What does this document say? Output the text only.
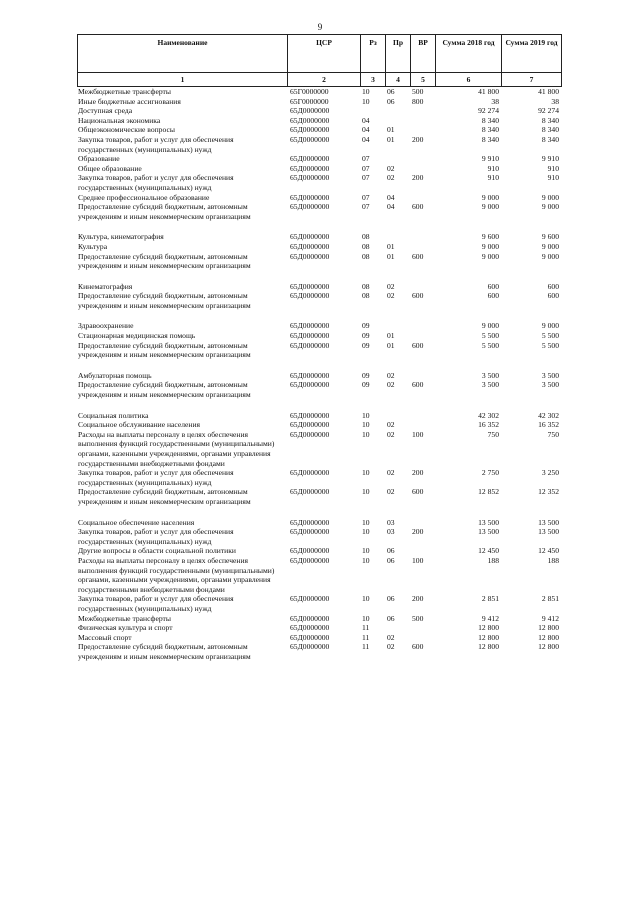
9
Наименование	ЦСР	Рз	Пр	ВР	Сумма 2018 год	Сумма 2019 год
1	2	3	4	5	6	7
Межбюджетные трансферты	65Г0000000	10	06	500	41 800	41 800
Иные бюджетные ассигнования	65Г0000000	10	06	800	38	38
Доступная среда	65Д0000000				92 274	92 274
Национальная экономика	65Д0000000	04			8 340	8 340
Общеэкономические вопросы	65Д0000000	04	01		8 340	8 340
Закупка товаров, работ и услуг для обеспечения государственных (муниципальных) нужд	65Д0000000	04	01	200	8 340	8 340
Образование	65Д0000000	07			9 910	9 910
Общее образование	65Д0000000	07	02		910	910
Закупка товаров, работ и услуг для обеспечения государственных (муниципальных) нужд	65Д0000000	07	02	200	910	910
Среднее профессиональное образование	65Д0000000	07	04		9 000	9 000
Предоставление субсидий бюджетным, автономным учреждениям и иным некоммерческим организациям	65Д0000000	07	04	600	9 000	9 000

Культура, кинематография	65Д0000000	08			9 600	9 600
Культура	65Д0000000	08	01		9 000	9 000
Предоставление субсидий бюджетным, автономным учреждениям и иным некоммерческим организациям	65Д0000000	08	01	600	9 000	9 000

Кинематография	65Д0000000	08	02		600	600
Предоставление субсидий бюджетным, автономным учреждениям и иным некоммерческим организациям	65Д0000000	08	02	600	600	600

Здравоохранение	65Д0000000	09			9 000	9 000
Стационарная медицинская помощь	65Д0000000	09	01		5 500	5 500
Предоставление субсидий бюджетным, автономным учреждениям и иным некоммерческим организациям	65Д0000000	09	01	600	5 500	5 500

Амбулаторная помощь	65Д0000000	09	02		3 500	3 500
Предоставление субсидий бюджетным, автономным учреждениям и иным некоммерческим организациям	65Д0000000	09	02	600	3 500	3 500

Социальная политика	65Д0000000	10			42 302	42 302
Социальное обслуживание населения	65Д0000000	10	02		16 352	16 352
Расходы на выплаты персоналу в целях обеспечения выполнения функций государственными (муниципальными) органами, казенными учреждениями, органами управления государственными внебюджетными фондами	65Д0000000	10	02	100	750	750
Закупка товаров, работ и услуг для обеспечения государственных (муниципальных) нужд	65Д0000000	10	02	200	2 750	3 250
Предоставление субсидий бюджетным, автономным учреждениям и иным некоммерческим организациям	65Д0000000	10	02	600	12 852	12 352

Социальное обеспечение населения	65Д0000000	10	03		13 500	13 500
Закупка товаров, работ и услуг для обеспечения государственных (муниципальных) нужд	65Д0000000	10	03	200	13 500	13 500
Другие вопросы в области социальной политики	65Д0000000	10	06		12 450	12 450
Расходы на выплаты персоналу в целях обеспечения выполнения функций государственными (муниципальными) органами, казенными учреждениями, органами управления государственными внебюджетными фондами	65Д0000000	10	06	100	188	188
Закупка товаров, работ и услуг для обеспечения государственных (муниципальных) нужд	65Д0000000	10	06	200	2 851	2 851
Межбюджетные трансферты	65Д0000000	10	06	500	9 412	9 412
Физическая культура и спорт	65Д0000000	11			12 800	12 800
Массовый спорт	65Д0000000	11	02		12 800	12 800
Предоставление субсидий бюджетным, автономным учреждениям и иным некоммерческим организациям	65Д0000000	11	02	600	12 800	12 800
